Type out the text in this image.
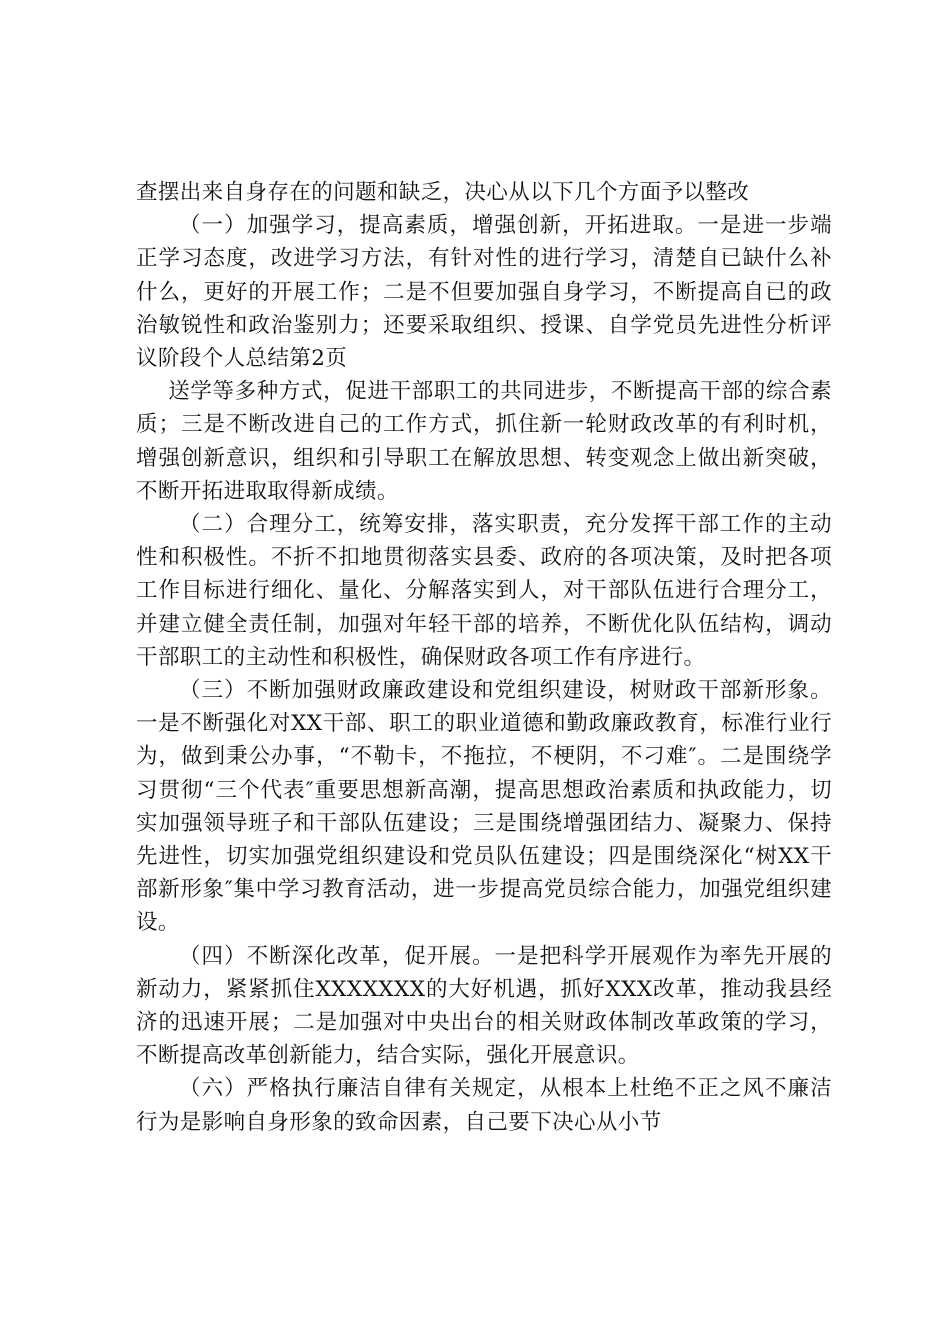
查摆出来自身存在的问题和缺乏，决心从以下几个方面予以整改

（一）加强学习，提高素质，增强创新，开拓进取。一是进一步端正学习态度，改进学习方法，有针对性的进行学习，清楚自已缺什么补什么，更好的开展工作；二是不但要加强自身学习，不断提高自已的政治敏锐性和政治鉴别力；还要采取组织、授课、自学党员先进性分析评议阶段个人总结第2页

送学等多种方式，促进干部职工的共同进步，不断提高干部的综合素质；三是不断改进自己的工作方式，抓住新一轮财政改革的有利时机，增强创新意识，组织和引导职工在解放思想、转变观念上做出新突破，不断开拓进取取得新成绩。

（二）合理分工，统筹安排，落实职责，充分发挥干部工作的主动性和积极性。不折不扣地贯彻落实县委、政府的各项决策，及时把各项工作目标进行细化、量化、分解落实到人，对干部队伍进行合理分工，并建立健全责任制，加强对年轻干部的培养，不断优化队伍结构，调动干部职工的主动性和积极性，确保财政各项工作有序进行。

（三）不断加强财政廉政建设和党组织建设，树财政干部新形象。一是不断强化对XX干部、职工的职业道德和勤政廉政教育，标准行业行为，做到秉公办事，“不勒卡，不拖拉，不梗阴，不刁难″。二是围绕学习贯彻“三个代表″重要思想新高潮，提高思想政治素质和执政能力，切实加强领导班子和干部队伍建设；三是围绕增强团结力、凝聚力、保持先进性，切实加强党组织建设和党员队伍建设；四是围绕深化“树XX干部新形象″集中学习教育活动，进一步提高党员综合能力，加强党组织建设。

（四）不断深化改革，促开展。一是把科学开展观作为率先开展的新动力，紧紧抓住XXXXXXX的大好机遇，抓好XXX改革，推动我县经济的迅速开展；二是加强对中央出台的相关财政体制改革政策的学习，不断提高改革创新能力，结合实际，强化开展意识。

（六）严格执行廉洁自律有关规定，从根本上杜绝不正之风不廉洁行为是影响自身形象的致命因素，自己要下决心从小节
